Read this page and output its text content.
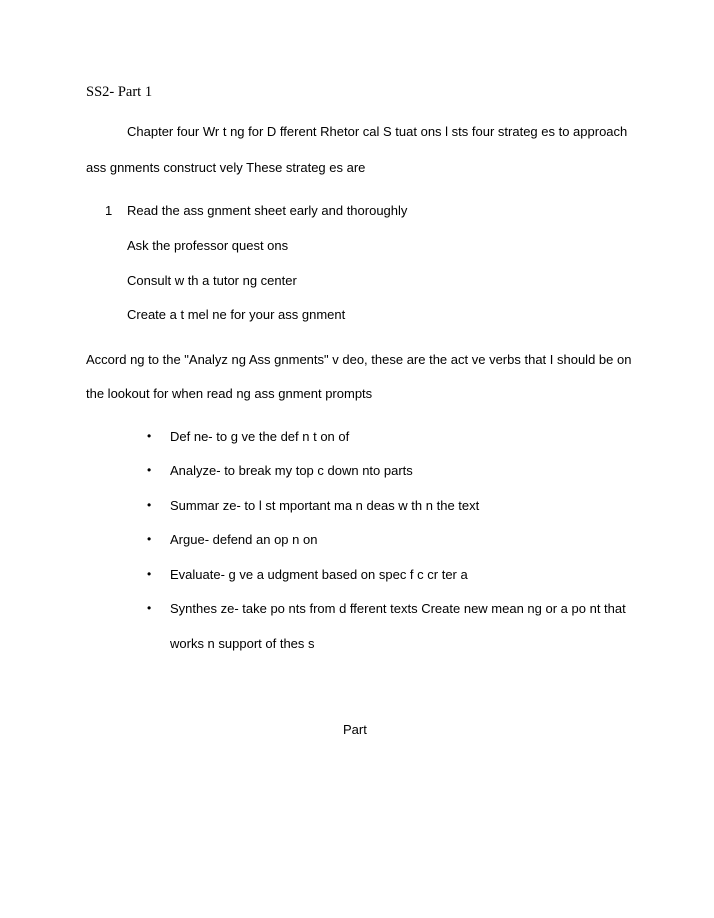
SS2- Part 1
Chapter four Wr t ng for D fferent Rhetor cal S tuat ons l sts four strateg es to approach
ass gnments construct vely These strateg es are
1 Read the ass gnment sheet early and thoroughly
Ask the professor quest ons
Consult w th a tutor ng center
Create a t mel ne for your ass gnment
Accord ng to the "Analyz ng Ass gnments" v deo, these are the act ve verbs that I should be on
the lookout for when read ng ass gnment prompts
• Def ne- to g ve the def n t on of
• Analyze- to break my top c down nto parts
• Summar ze- to l st mportant ma n deas w th n the text
• Argue- defend an op n on
• Evaluate- g ve a udgment based on spec f c cr ter a
• Synthes ze- take po nts from d fferent texts Create new mean ng or a po nt that
works n support of thes s
Part
